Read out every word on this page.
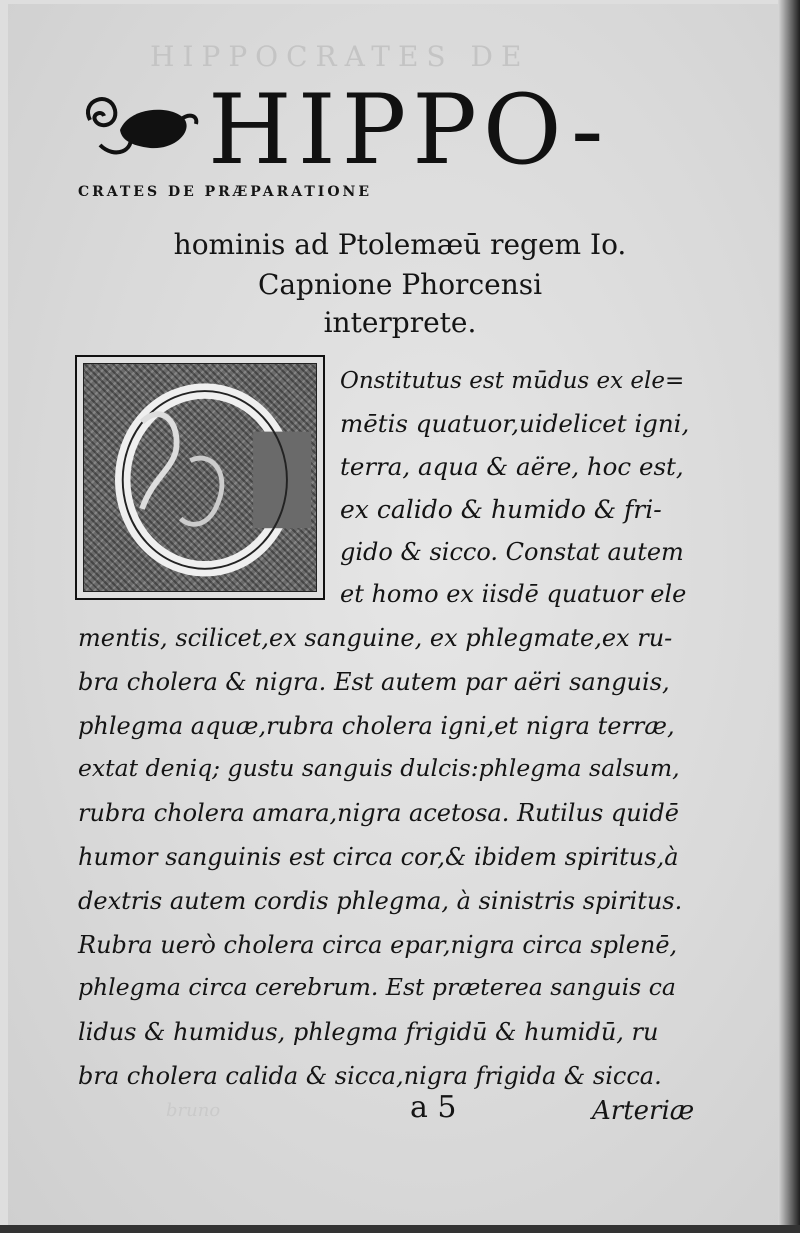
HIPPOCRATES DE
HIPPO-
CRATES DE PRÆPARATIONE
hominis ad Ptolemæū regem Io.
Capnione Phorcensi
interprete.
Onstitutus est mūdus ex ele=
mētis quatuor,uidelicet igni,
terra, aqua & aëre, hoc est,
ex calido & humido & fri-
gido & sicco. Constat autem
et homo ex iisdē quatuor ele
mentis, scilicet,ex sanguine, ex phlegmate,ex ru-
bra cholera & nigra. Est autem par aëri sanguis,
phlegma aquæ,rubra cholera igni,et nigra terræ,
extat deniq; gustu sanguis dulcis:phlegma salsum,
rubra cholera amara,nigra acetosa. Rutilus quidē
humor sanguinis est circa cor,& ibidem spiritus,à
dextris autem cordis phlegma, à sinistris spiritus.
Rubra uerò cholera circa epar,nigra circa splenē,
phlegma circa cerebrum. Est præterea sanguis ca
lidus & humidus, phlegma frigidū & humidū, ru
bra cholera calida & sicca,nigra frigida & sicca.
bruno	a 5	Arteriæ
